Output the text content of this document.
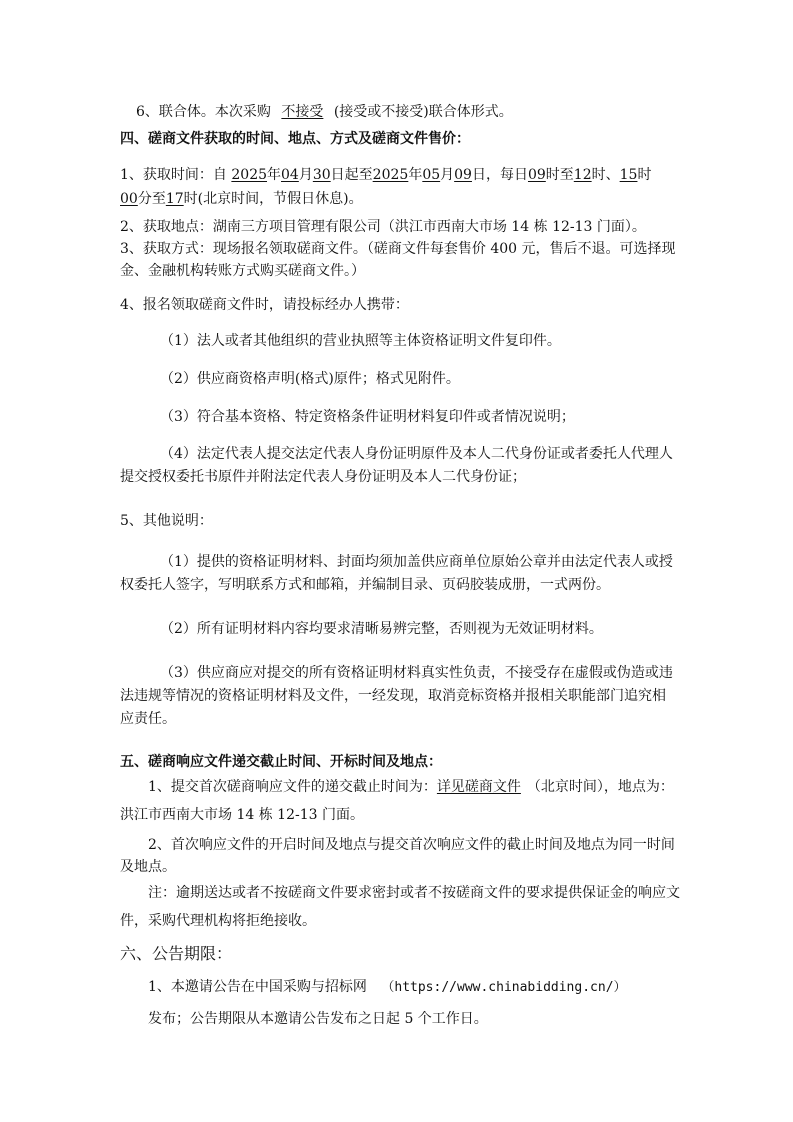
6、联合体。本次采购 不接受 (接受或不接受)联合体形式。
四、磋商文件获取的时间、地点、方式及磋商文件售价：
1、获取时间：自 2025年04月30日起至2025年05月09日，每日09时至12时、15时
00分至17时(北京时间，节假日休息)。
2、获取地点：湖南三方项目管理有限公司（洪江市西南大市场 14 栋 12-13 门面）。
3、获取方式：现场报名领取磋商文件。（磋商文件每套售价 400 元，售后不退。可选择现
金、金融机构转账方式购买磋商文件。）
4、报名领取磋商文件时，请投标经办人携带：
（1）法人或者其他组织的营业执照等主体资格证明文件复印件。
（2）供应商资格声明(格式)原件；格式见附件。
（3）符合基本资格、特定资格条件证明材料复印件或者情况说明；
（4）法定代表人提交法定代表人身份证明原件及本人二代身份证或者委托人代理人
提交授权委托书原件并附法定代表人身份证明及本人二代身份证；
5、其他说明：
（1）提供的资格证明材料、封面均须加盖供应商单位原始公章并由法定代表人或授
权委托人签字，写明联系方式和邮箱，并编制目录、页码胶装成册，一式两份。
（2）所有证明材料内容均要求清晰易辨完整，否则视为无效证明材料。
（3）供应商应对提交的所有资格证明材料真实性负责，不接受存在虚假或伪造或违
法违规等情况的资格证明材料及文件，一经发现，取消竞标资格并报相关职能部门追究相
应责任。
五、磋商响应文件递交截止时间、开标时间及地点：
1、提交首次磋商响应文件的递交截止时间为：详见磋商文件 （北京时间），地点为：
洪江市西南大市场 14 栋 12-13 门面。
2、首次响应文件的开启时间及地点与提交首次响应文件的截止时间及地点为同一时间
及地点。
注：逾期送达或者不按磋商文件要求密封或者不按磋商文件的要求提供保证金的响应文
件，采购代理机构将拒绝接收。
六、公告期限：
1、本邀请公告在中国采购与招标网 （https://www.chinabidding.cn/）
发布；公告期限从本邀请公告发布之日起 5 个工作日。
